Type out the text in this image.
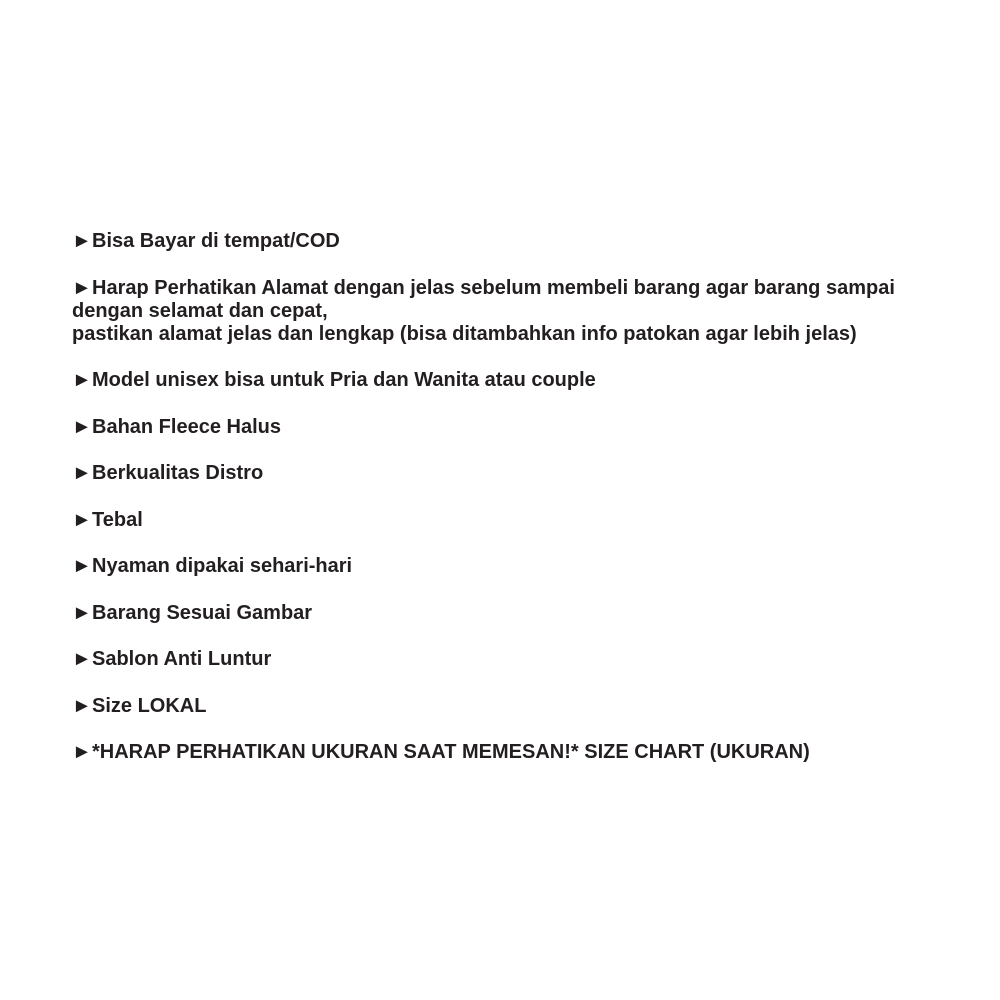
►Bisa Bayar di tempat/COD
►Harap Perhatikan Alamat dengan jelas sebelum membeli barang agar barang sampai
dengan selamat dan cepat,
pastikan alamat jelas dan lengkap (bisa ditambahkan info patokan agar lebih jelas)
►Model unisex bisa untuk Pria dan Wanita atau couple
►Bahan Fleece Halus
►Berkualitas Distro
►Tebal
►Nyaman dipakai sehari-hari
►Barang Sesuai Gambar
►Sablon Anti Luntur
►Size LOKAL
►*HARAP PERHATIKAN UKURAN SAAT MEMESAN!* SIZE CHART (UKURAN)
